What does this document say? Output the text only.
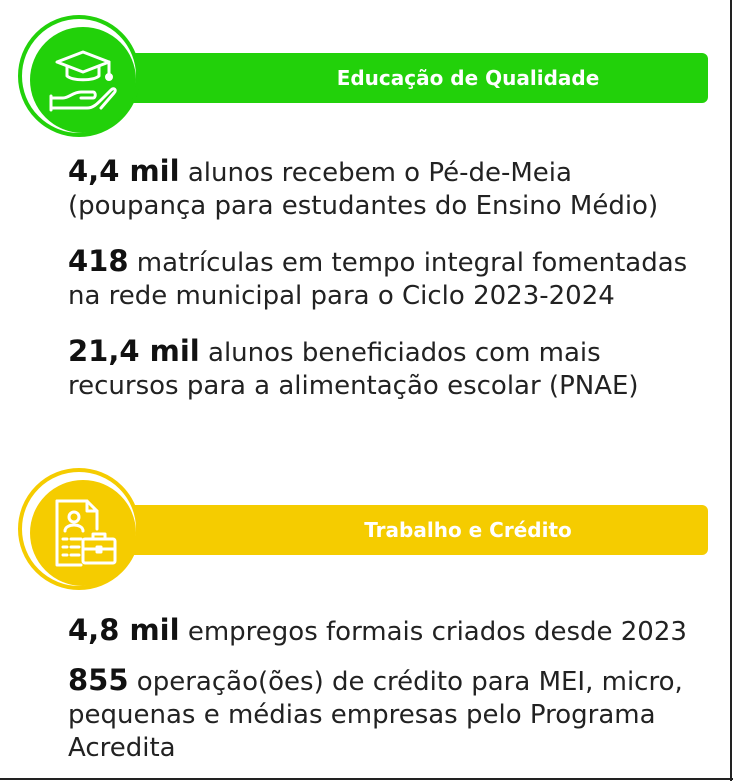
Educação de Qualidade
4,4 mil alunos recebem o Pé-de-Meia (poupança para estudantes do Ensino Médio)
418 matrículas em tempo integral fomentadas na rede municipal para o Ciclo 2023-2024
21,4 mil alunos beneficiados com mais recursos para a alimentação escolar (PNAE)
Trabalho e Crédito
4,8 mil empregos formais criados desde 2023
855 operação(ões) de crédito para MEI, micro, pequenas e médias empresas pelo Programa Acredita
